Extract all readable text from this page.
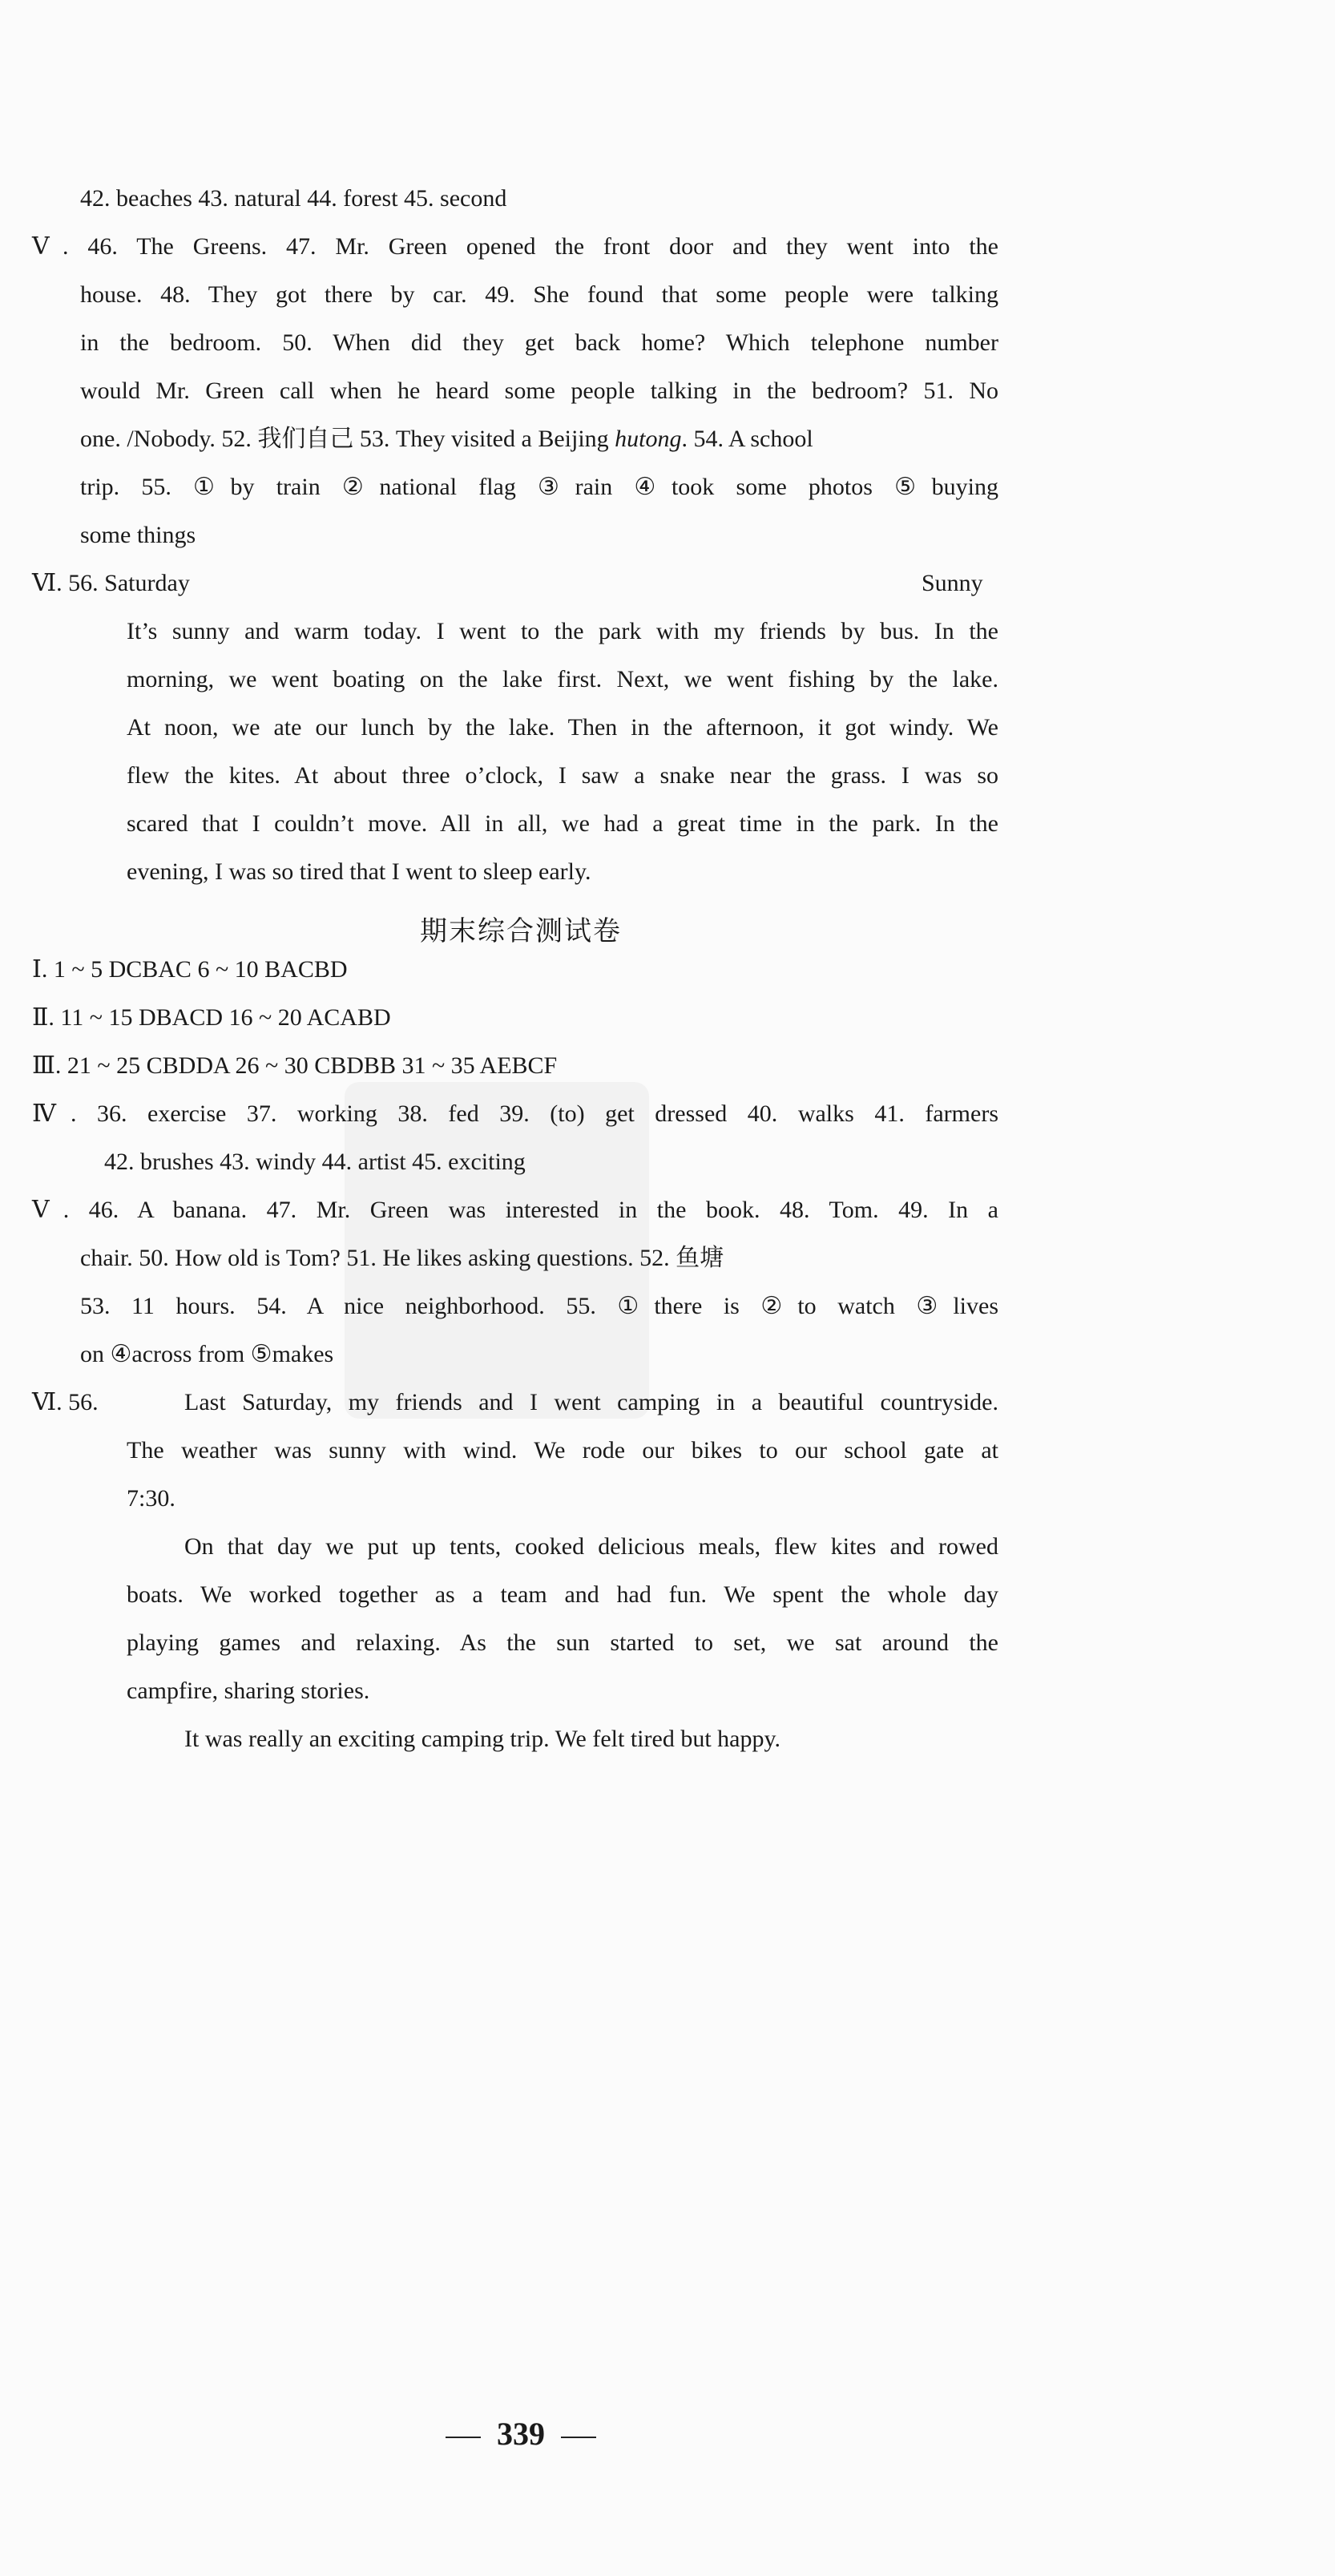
42. beaches 43. natural 44. forest 45. second
Ⅴ. 46. The Greens. 47. Mr. Green opened the front door and they went into the
house. 48. They got there by car. 49. She found that some people were talking
in the bedroom. 50. When did they get back home? Which telephone number
would Mr. Green call when he heard some people talking in the bedroom? 51. No
one. /Nobody. 52. 我们自己 53. They visited a Beijing hutong. 54. A school
trip. 55. ①by train ②national flag ③rain ④took some photos ⑤buying
some things
Ⅵ. 56. Saturday	Sunny
It’s sunny and warm today. I went to the park with my friends by bus. In the
morning, we went boating on the lake first. Next, we went fishing by the lake.
At noon, we ate our lunch by the lake. Then in the afternoon, it got windy. We
flew the kites. At about three o’clock, I saw a snake near the grass. I was so
scared that I couldn’t move. All in all, we had a great time in the park. In the
evening, I was so tired that I went to sleep early.
期末综合测试卷
Ⅰ. 1 ~ 5 DCBAC 6 ~ 10 BACBD
Ⅱ. 11 ~ 15 DBACD 16 ~ 20 ACABD
Ⅲ. 21 ~ 25 CBDDA 26 ~ 30 CBDBB 31 ~ 35 AEBCF
Ⅳ. 36. exercise 37. working 38. fed 39. (to) get dressed 40. walks 41. farmers
42. brushes 43. windy 44. artist 45. exciting
Ⅴ. 46. A banana. 47. Mr. Green was interested in the book. 48. Tom. 49. In a
chair. 50. How old is Tom? 51. He likes asking questions. 52. 鱼塘
53. 11 hours. 54. A nice neighborhood. 55. ①there is ②to watch ③lives
on ④across from ⑤makes
Ⅵ. 56.	Last Saturday, my friends and I went camping in a beautiful countryside.
The weather was sunny with wind. We rode our bikes to our school gate at
7:30.
On that day we put up tents, cooked delicious meals, flew kites and rowed
boats. We worked together as a team and had fun. We spent the whole day
playing games and relaxing. As the sun started to set, we sat around the
campfire, sharing stories.
It was really an exciting camping trip. We felt tired but happy.
339
